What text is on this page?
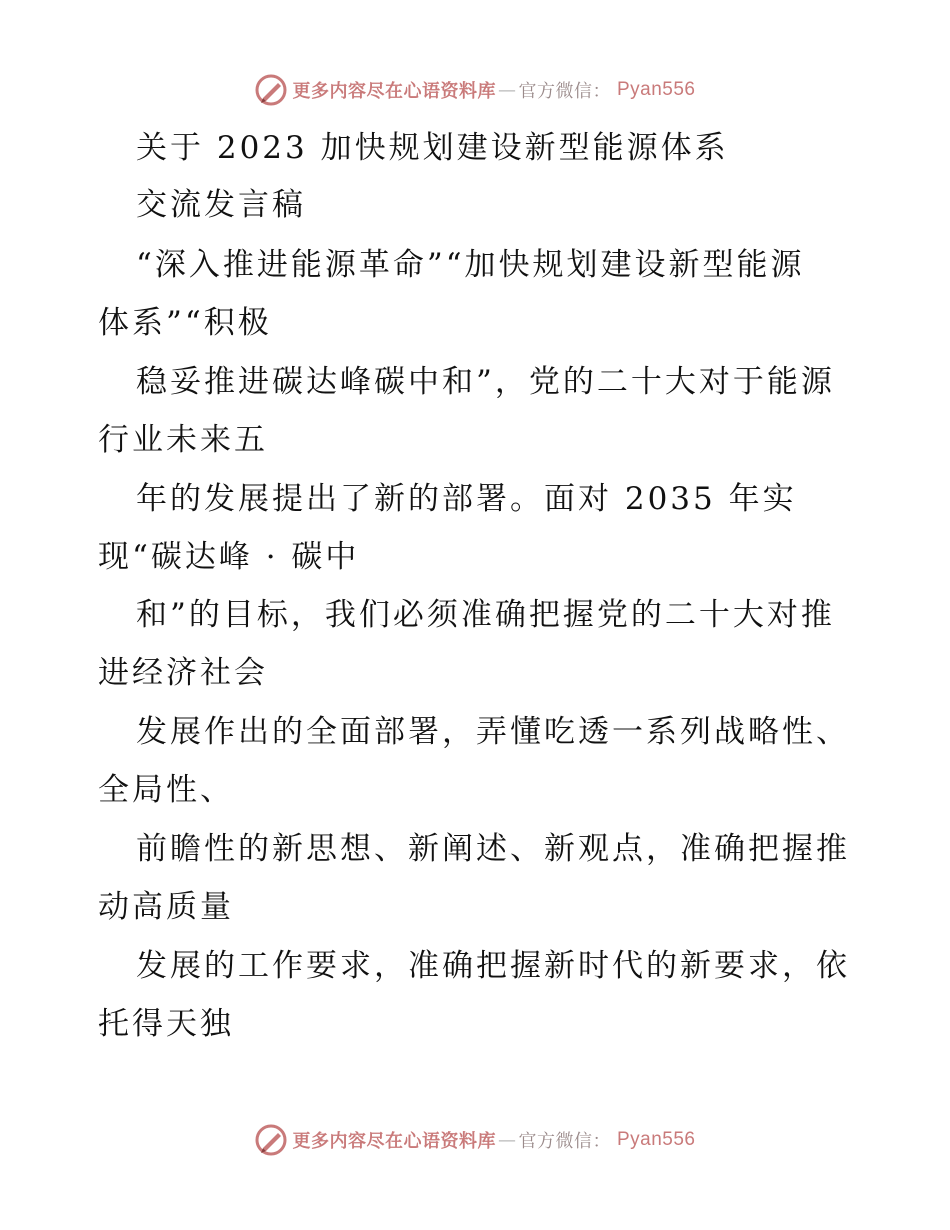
更多内容尽在心语资料库 — 官方微信 ： Pyan556
关于 2023 加快规划建设新型能源体系
交流发言稿
“深入推进能源革命”“加快规划建设新型能源
体系”“积极
稳妥推进碳达峰碳中和”，党的二十大对于能源
行业未来五
年的发展提出了新的部署。面对 2035 年实
现“碳达峰 · 碳中
和”的目标，我们必须准确把握党的二十大对推
进经济社会
发展作出的全面部署，弄懂吃透一系列战略性、
全局性、
前瞻性的新思想、新阐述、新观点，准确把握推
动高质量
发展的工作要求，准确把握新时代的新要求，依
托得天独
更多内容尽在心语资料库 — 官方微信 ： Pyan556
